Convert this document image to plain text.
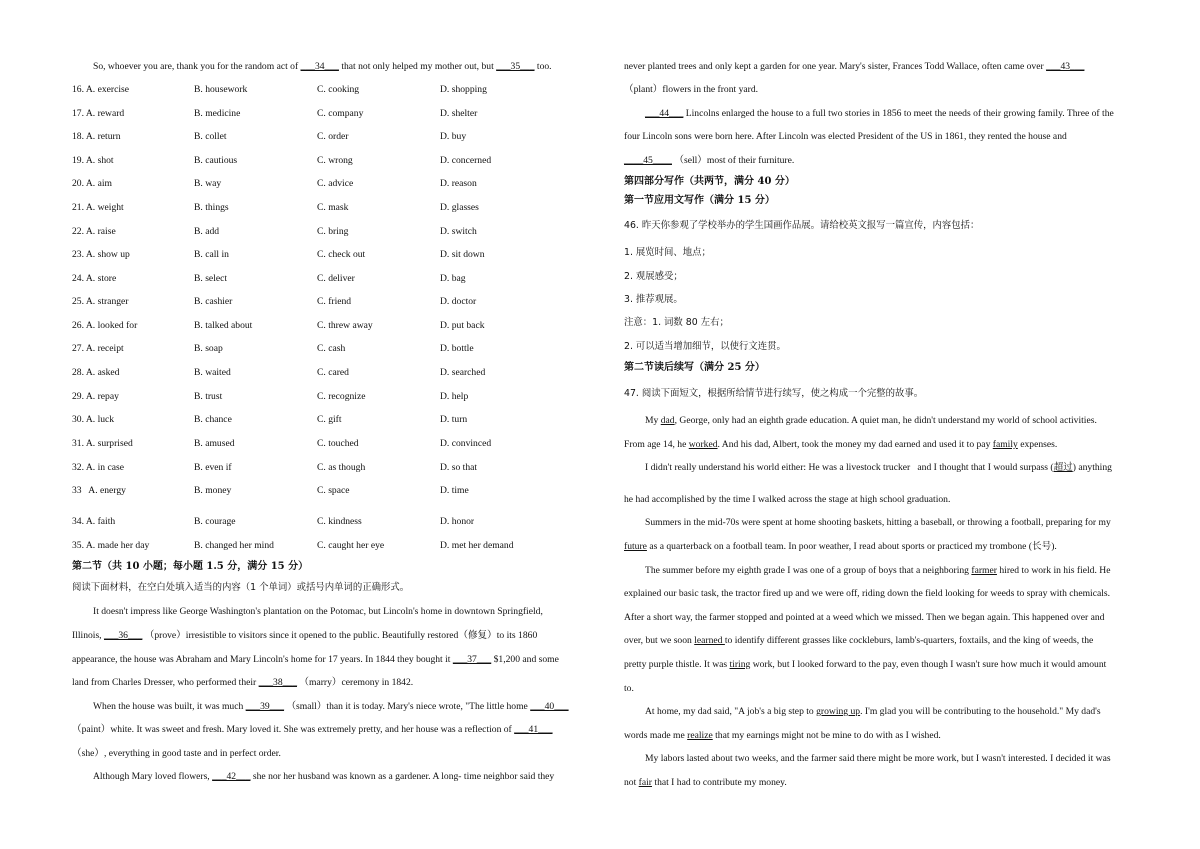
So, whoever you are, thank you for the random act of ___34___ that not only helped my mother out, but ___35___ too.
16. A. exercise	B. housework	C. cooking	D. shopping
17. A. reward	B. medicine	C. company	D. shelter
18. A. return	B. collet	C. order	D. buy
19. A. shot	B. cautious	C. wrong	D. concerned
20. A. aim	B. way	C. advice	D. reason
21. A. weight	B. things	C. mask	D. glasses
22. A. raise	B. add	C. bring	D. switch
23. A. show up	B. call in	C. check out	D. sit down
24. A. store	B. select	C. deliver	D. bag
25. A. stranger	B. cashier	C. friend	D. doctor
26. A. looked for	B. talked about	C. threw away	D. put back
27. A. receipt	B. soap	C. cash	D. bottle
28. A. asked	B. waited	C. cared	D. searched
29. A. repay	B. trust	C. recognize	D. help
30. A. luck	B. chance	C. gift	D. turn
31. A. surprised	B. amused	C. touched	D. convinced
32. A. in case	B. even if	C. as though	D. so that
33   A. energy	B. money	C. space	D. time
34. A. faith	B. courage	C. kindness	D. honor
35. A. made her day	B. changed her mind	C. caught her eye	D. met her demand
第二节（共 10 小题；每小题 1.5 分，满分 15 分）
阅读下面材料，在空白处填入适当的内容（1 个单词）或括号内单词的正确形式。
It doesn't impress like George Washington's plantation on the Potomac, but Lincoln's home in downtown Springfield,
Illinois, ___36___ （prove）irresistible to visitors since it opened to the public. Beautifully restored（修复）to its 1860
appearance, the house was Abraham and Mary Lincoln's home for 17 years. In 1844 they bought it ___37___ $1,200 and some
land from Charles Dresser, who performed their ___38___ （marry）ceremony in 1842.
When the house was built, it was much ___39___ （small）than it is today. Mary's niece wrote, "The little home ___40___
（paint）white. It was sweet and fresh. Mary loved it. She was extremely pretty, and her house was a reflection of ___41___
（she）, everything in good taste and in perfect order.
Although Mary loved flowers, ___42___ she nor her husband was known as a gardener. A long- time neighbor said they
never planted trees and only kept a garden for one year. Mary's sister, Frances Todd Wallace, often came over ___43___
（plant）flowers in the front yard.
___44___ Lincolns enlarged the house to a full two stories in 1856 to meet the needs of their growing family. Three of the
four Lincoln sons were born here. After Lincoln was elected President of the US in 1861, they rented the house and
____45____ （sell）most of their furniture.
第四部分写作（共两节，满分 40 分）
第一节应用文写作（满分 15 分）
46. 昨天你参观了学校举办的学生国画作品展。请给校英文报写一篇宣传，内容包括：
1. 展览时间、地点；
2. 观展感受；
3. 推荐观展。
注意：1. 词数 80 左右；
2. 可以适当增加细节，以使行文连贯。
第二节读后续写（满分 25 分）
47. 阅读下面短文，根据所给情节进行续写，使之构成一个完整的故事。
My dad, George, only had an eighth grade education. A quiet man, he didn't understand my world of school activities.
From age 14, he worked. And his dad, Albert, took the money my dad earned and used it to pay family expenses.
I didn't really understand his world either: He was a livestock trucker   and I thought that I would surpass (超过) anything
he had accomplished by the time I walked across the stage at high school graduation.
Summers in the mid-70s were spent at home shooting baskets, hitting a baseball, or throwing a football, preparing for my
future as a quarterback on a football team. In poor weather, I read about sports or practiced my trombone (长号).
The summer before my eighth grade I was one of a group of boys that a neighboring farmer hired to work in his field. He
explained our basic task, the tractor fired up and we were off, riding down the field looking for weeds to spray with chemicals.
After a short way, the farmer stopped and pointed at a weed which we missed. Then we began again. This happened over and
over, but we soon learned to identify different grasses like cockleburs, lamb's-quarters, foxtails, and the king of weeds, the
pretty purple thistle. It was tiring work, but I looked forward to the pay, even though I wasn't sure how much it would amount
to.
At home, my dad said, "A job's a big step to growing up. I'm glad you will be contributing to the household." My dad's
words made me realize that my earnings might not be mine to do with as I wished.
My labors lasted about two weeks, and the farmer said there might be more work, but I wasn't interested. I decided it was
not fair that I had to contribute my money.
